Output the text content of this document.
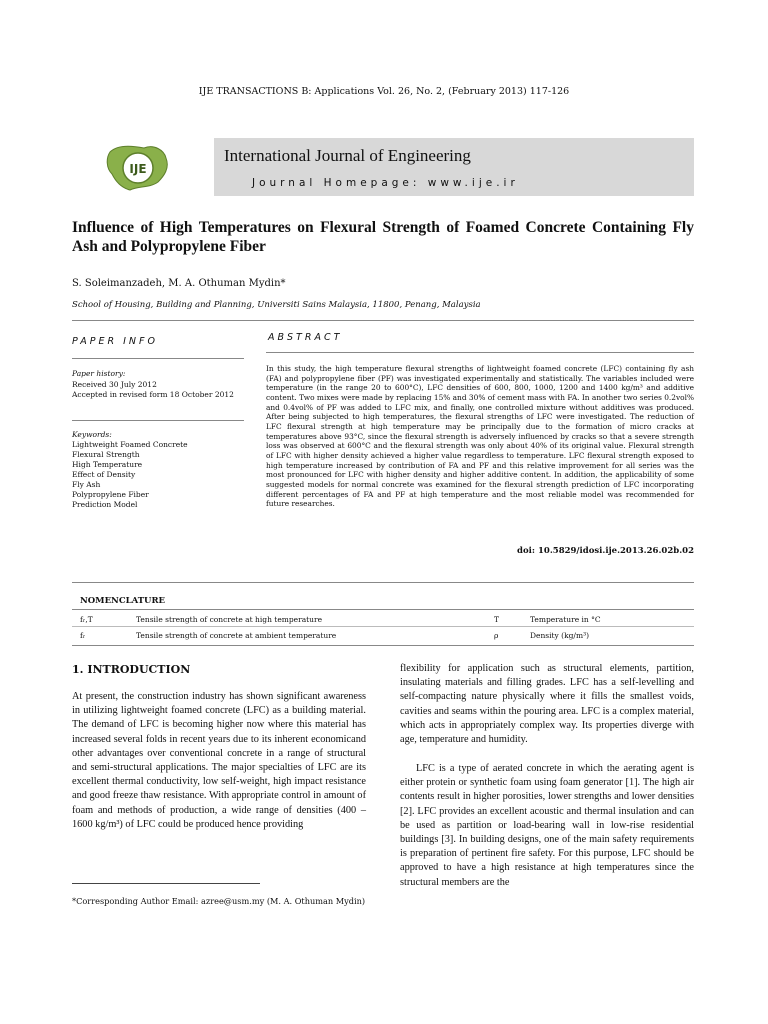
IJE TRANSACTIONS B: Applications Vol. 26, No. 2, (February 2013) 117-126
IJE
International Journal of Engineering
Journal Homepage: www.ije.ir
Influence of High Temperatures on Flexural Strength of Foamed Concrete Containing Fly Ash and Polypropylene Fiber
S. Soleimanzadeh, M. A. Othuman Mydin*
School of Housing, Building and Planning, Universiti Sains Malaysia, 11800, Penang, Malaysia
PAPER INFO
Paper history:
Received 30 July 2012
Accepted in revised form 18 October 2012
Keywords:
Lightweight Foamed Concrete
Flexural Strength
High Temperature
Effect of Density
Fly Ash
Polypropylene Fiber
Prediction Model
ABSTRACT
In this study, the high temperature flexural strengths of lightweight foamed concrete (LFC) containing fly ash (FA) and polypropylene fiber (PF) was investigated experimentally and statistically. The variables included were temperature (in the range 20 to 600°C), LFC densities of 600, 800, 1000, 1200 and 1400 kg/m³ and additive content. Two mixes were made by replacing 15% and 30% of cement mass with FA. In another two series 0.2vol% and 0.4vol% of PF was added to LFC mix, and finally, one controlled mixture without additives was produced. After being subjected to high temperatures, the flexural strengths of LFC were investigated. The reduction of LFC flexural strength at high temperature may be principally due to the formation of micro cracks at temperatures above 93°C, since the flexural strength is adversely influenced by cracks so that a severe strength loss was observed at 600°C and the flexural strength was only about 40% of its original value. Flexural strength of LFC with higher density achieved a higher value regardless to temperature. LFC flexural strength exposed to high temperature increased by contribution of FA and PF and this relative improvement for all series was the most pronounced for LFC with higher density and higher additive content. In addition, the applicability of some suggested models for normal concrete was examined for the flexural strength prediction of LFC incorporating different percentages of FA and PF at high temperature and the most reliable model was recommended for future researches.
doi: 10.5829/idosi.ije.2013.26.02b.02
NOMENCLATURE
fᵣ,T	Tensile strength of concrete at high temperature	T	Temperature in °C
fᵣ	Tensile strength of concrete at ambient temperature	ρ	Density (kg/m³)
1. INTRODUCTION
At present, the construction industry has shown significant awareness in utilizing lightweight foamed concrete (LFC) as a building material. The demand of LFC is becoming higher now where this material has increased several folds in recent years due to its inherent economicand other advantages over conventional concrete in a range of structural and semi-structural applications. The major specialties of LFC are its excellent thermal conductivity, low self-weight, high impact resistance and good freeze thaw resistance. With appropriate control in amount of foam and methods of production, a wide range of densities (400 – 1600 kg/m³) of LFC could be produced hence providing
*Corresponding Author Email: azree@usm.my (M. A. Othuman Mydin)
flexibility for application such as structural elements, partition, insulating materials and filling grades. LFC has a self-levelling and self-compacting nature physically where it fills the smallest voids, cavities and seams within the pouring area. LFC is a complex material, which acts in appropriately complex way. Its properties diverge with age, temperature and humidity.
LFC is a type of aerated concrete in which the aerating agent is either protein or synthetic foam using foam generator [1]. The high air contents result in higher porosities, lower strengths and lower densities [2]. LFC provides an excellent acoustic and thermal insulation and can be used as partition or load-bearing wall in low-rise residential buildings [3]. In building designs, one of the main safety requirements is preparation of pertinent fire safety. For this purpose, LFC should be approved to have a high resistance at high temperatures since the structural members are the
